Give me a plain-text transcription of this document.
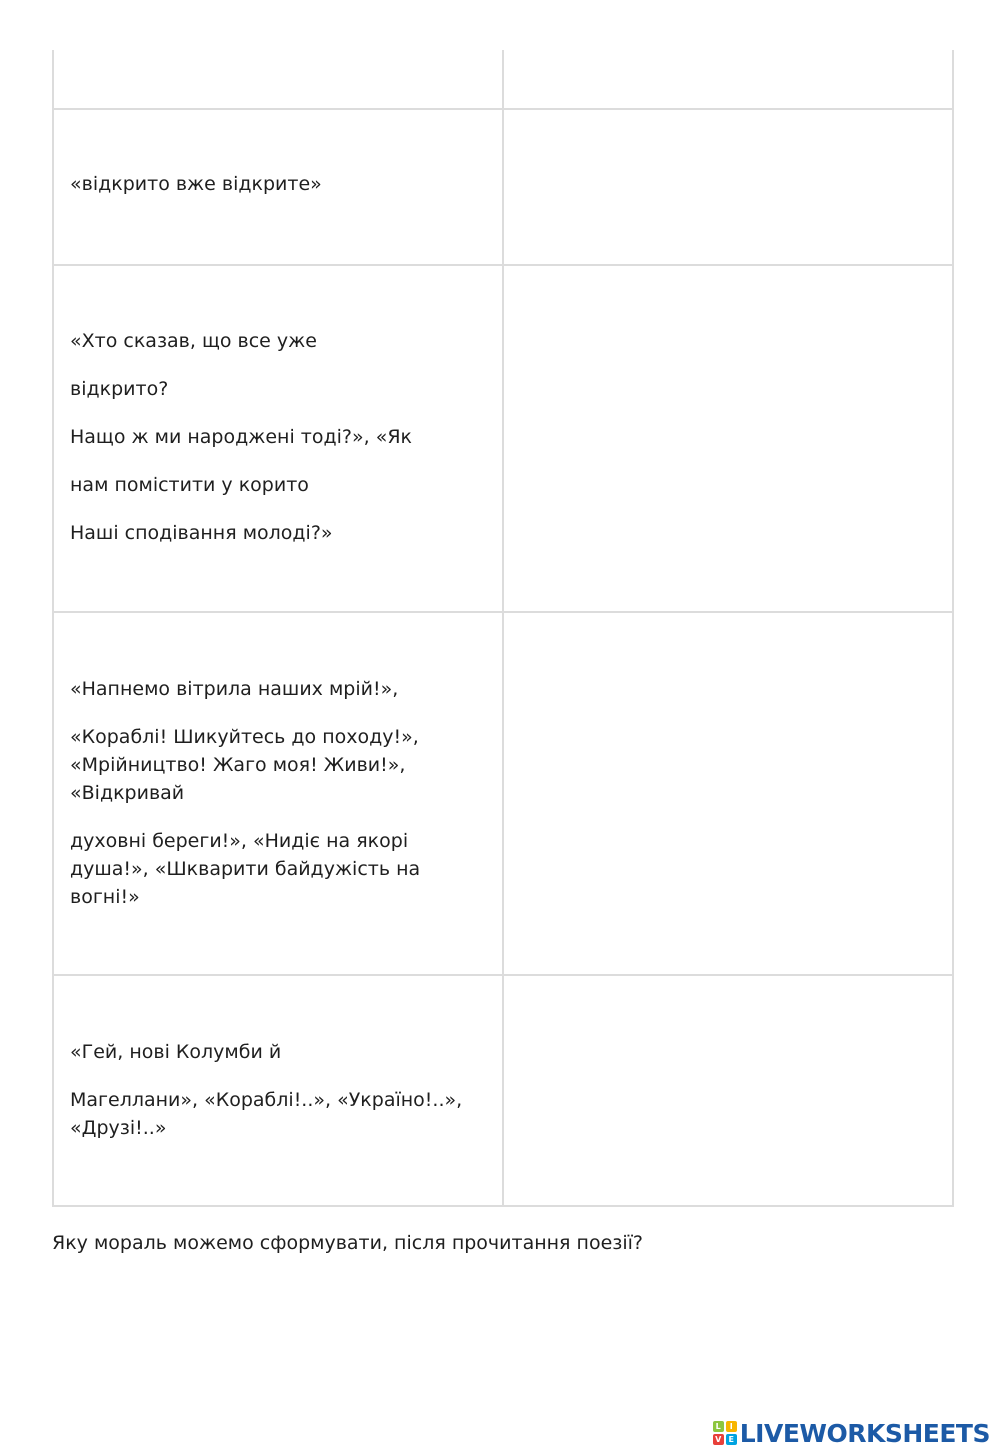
«відкрито вже відкрите»	

«Хто сказав, що все уже

відкрито?

Нащо ж ми народжені тоді?», «Як

нам помістити у корито

Наші сподівання молоді?»	

«Напнемо вітрила наших мрій!»,

«Кораблі! Шикуйтесь до походу!», «Мрійництво! Жаго моя! Живи!», «Відкривай

духовні береги!», «Нидіє на якорі душа!», «Шкварити байдужість на вогні!»	

«Гей, нові Колумби й

Магеллани», «Кораблі!..», «Україно!..», «Друзі!..»	

Яку мораль можемо сформувати, після прочитання поезії?

L	I
V E LIVEWORKSHEETS
